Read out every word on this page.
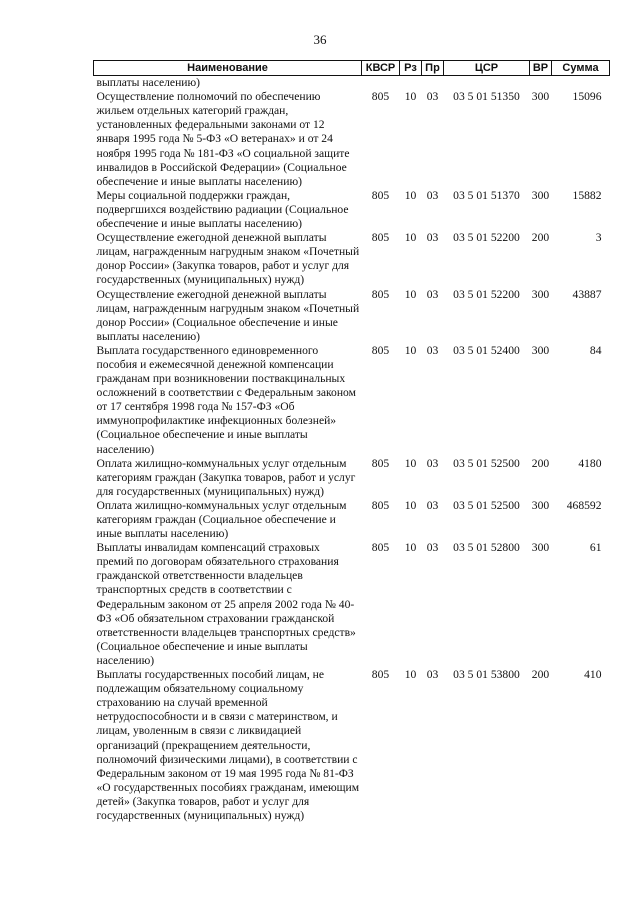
36
Наименование	КВСР	Рз	Пр	ЦСР	ВР	Сумма
выплаты населению)						
Осуществление полномочий по обеспечению жильем отдельных категорий граждан, установленных федеральными законами от 12 января 1995 года № 5-ФЗ «О ветеранах» и от 24 ноября 1995 года № 181-ФЗ «О социальной защите инвалидов в Российской Федерации» (Социальное обеспечение и иные выплаты населению)	805	10	03	03 5 01 51350	300	15096
Меры социальной поддержки граждан, подвергшихся воздействию радиации (Социальное обеспечение и иные выплаты населению)	805	10	03	03 5 01 51370	300	15882
Осуществление ежегодной денежной выплаты лицам, награжденным нагрудным знаком «Почетный донор России» (Закупка товаров, работ и услуг для государственных (муниципальных) нужд)	805	10	03	03 5 01 52200	200	3
Осуществление ежегодной денежной выплаты лицам, награжденным нагрудным знаком «Почетный донор России» (Социальное обеспечение и иные выплаты населению)	805	10	03	03 5 01 52200	300	43887
Выплата государственного единовременного пособия и ежемесячной денежной компенсации гражданам при возникновении поствакцинальных осложнений в соответствии с Федеральным законом от 17 сентября 1998 года № 157-ФЗ «Об иммунопрофилактике инфекционных болезней» (Социальное обеспечение и иные выплаты населению)	805	10	03	03 5 01 52400	300	84
Оплата жилищно-коммунальных услуг отдельным категориям граждан (Закупка товаров, работ и услуг для государственных (муниципальных) нужд)	805	10	03	03 5 01 52500	200	4180
Оплата жилищно-коммунальных услуг отдельным категориям граждан (Социальное обеспечение и иные выплаты населению)	805	10	03	03 5 01 52500	300	468592
Выплаты инвалидам компенсаций страховых премий по договорам обязательного страхования гражданской ответственности владельцев транспортных средств в соответствии с Федеральным законом от 25 апреля 2002 года № 40-ФЗ «Об обязательном страховании гражданской ответственности владельцев транспортных средств» (Социальное обеспечение и иные выплаты населению)	805	10	03	03 5 01 52800	300	61
Выплаты государственных пособий лицам, не подлежащим обязательному социальному страхованию на случай временной нетрудоспособности и в связи с материнством, и лицам, уволенным в связи с ликвидацией организаций (прекращением деятельности, полномочий физическими лицами), в соответствии с Федеральным законом от 19 мая 1995 года № 81-ФЗ «О государственных пособиях гражданам, имеющим детей» (Закупка товаров, работ и услуг для государственных (муниципальных) нужд)	805	10	03	03 5 01 53800	200	410
